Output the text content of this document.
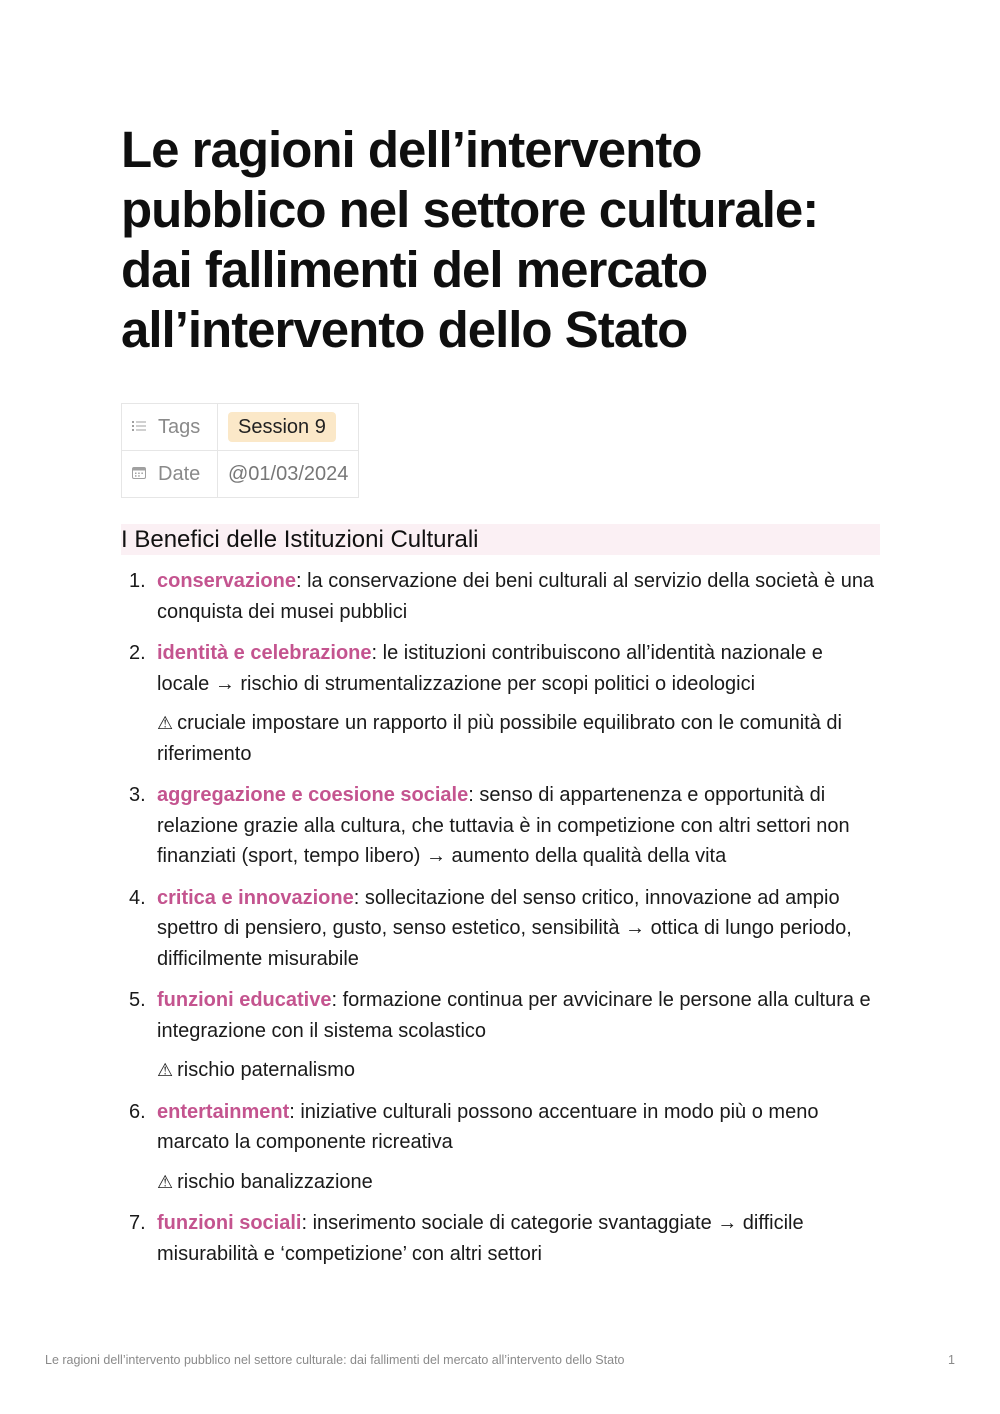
Le ragioni dell’intervento pubblico nel settore culturale: dai fallimenti del mercato all’intervento dello Stato
Tags	Session 9
Date	@01/03/2024
I Benefici delle Istituzioni Culturali
1. conservazione: la conservazione dei beni culturali al servizio della società è una conquista dei musei pubblici
2. identità e celebrazione: le istituzioni contribuiscono all’identità nazionale e locale → rischio di strumentalizzazione per scopi politici o ideologici
⚠ cruciale impostare un rapporto il più possibile equilibrato con le comunità di riferimento
3. aggregazione e coesione sociale: senso di appartenenza e opportunità di relazione grazie alla cultura, che tuttavia è in competizione con altri settori non finanziati (sport, tempo libero) → aumento della qualità della vita
4. critica e innovazione: sollecitazione del senso critico, innovazione ad ampio spettro di pensiero, gusto, senso estetico, sensibilità → ottica di lungo periodo, difficilmente misurabile
5. funzioni educative: formazione continua per avvicinare le persone alla cultura e integrazione con il sistema scolastico
⚠ rischio paternalismo
6. entertainment: iniziative culturali possono accentuare in modo più o meno marcato la componente ricreativa
⚠ rischio banalizzazione
7. funzioni sociali: inserimento sociale di categorie svantaggiate → difficile misurabilità e ‘competizione’ con altri settori
Le ragioni dell’intervento pubblico nel settore culturale: dai fallimenti del mercato all’intervento dello Stato	1
